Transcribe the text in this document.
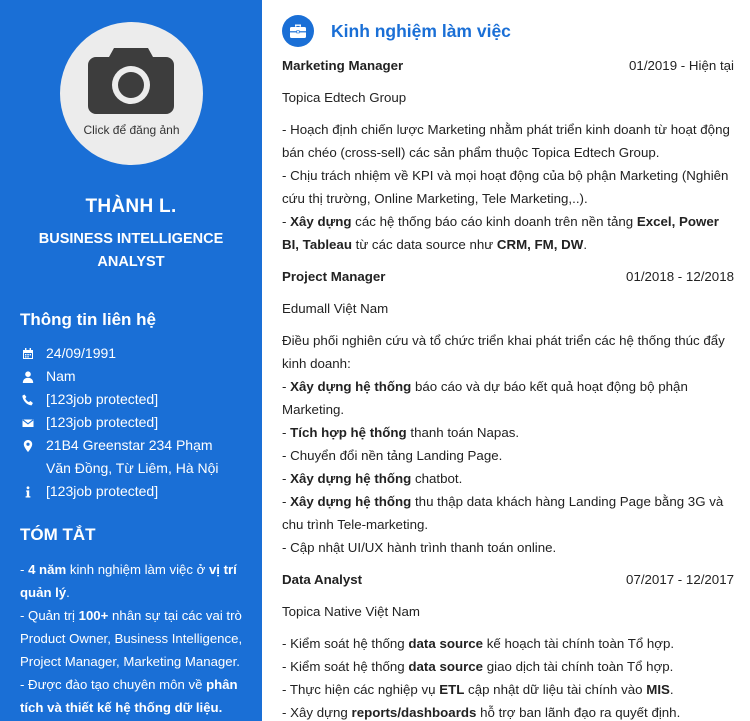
Click để đăng ảnh
THÀNH L.
BUSINESS INTELLIGENCE ANALYST
Thông tin liên hệ
24/09/1991
Nam
[123job protected]
[123job protected]
21B4 Greenstar 234 Phạm
Văn Đồng, Từ Liêm, Hà Nội
[123job protected]
TÓM TẮT

- 4 năm kinh nghiệm làm việc ở vị trí quản lý.

- Quản trị 100+ nhân sự tại các vai trò Product Owner, Business Intelligence, Project Manager, Marketing Manager.

- Được đào tạo chuyên môn về phân tích và thiết kế hệ thống dữ liệu.

Kinh nghiệm làm việc
Marketing Manager	01/2019 - Hiện tại
Topica Edtech Group

- Hoạch định chiến lược Marketing nhằm phát triển kinh doanh từ hoạt động bán chéo (cross-sell) các sản phẩm thuộc Topica Edtech Group.

- Chịu trách nhiệm về KPI và mọi hoạt động của bộ phận Marketing (Nghiên cứu thị trường, Online Marketing, Tele Marketing,..).

- Xây dựng các hệ thống báo cáo kinh doanh trên nền tảng Excel, Power BI, Tableau từ các data source như CRM, FM, DW.

Project Manager	01/2018 - 12/2018
Edumall Việt Nam

Điều phối nghiên cứu và tổ chức triển khai phát triển các hệ thống thúc đẩy kinh doanh:

- Xây dựng hệ thống báo cáo và dự báo kết quả hoạt động bộ phận Marketing.

- Tích hợp hệ thống thanh toán Napas.

- Chuyển đổi nền tảng Landing Page.

- Xây dựng hệ thống chatbot.

- Xây dựng hệ thống thu thập data khách hàng Landing Page bằng 3G và chu trình Tele-marketing.

- Cập nhật UI/UX hành trình thanh toán online.

Data Analyst	07/2017 - 12/2017
Topica Native Việt Nam

- Kiểm soát hệ thống data source kế hoạch tài chính toàn Tổ hợp.

- Kiểm soát hệ thống data source giao dịch tài chính toàn Tổ hợp.

- Thực hiện các nghiệp vụ ETL cập nhật dữ liệu tài chính vào MIS.

- Xây dựng reports/dashboards hỗ trợ ban lãnh đạo ra quyết định.
